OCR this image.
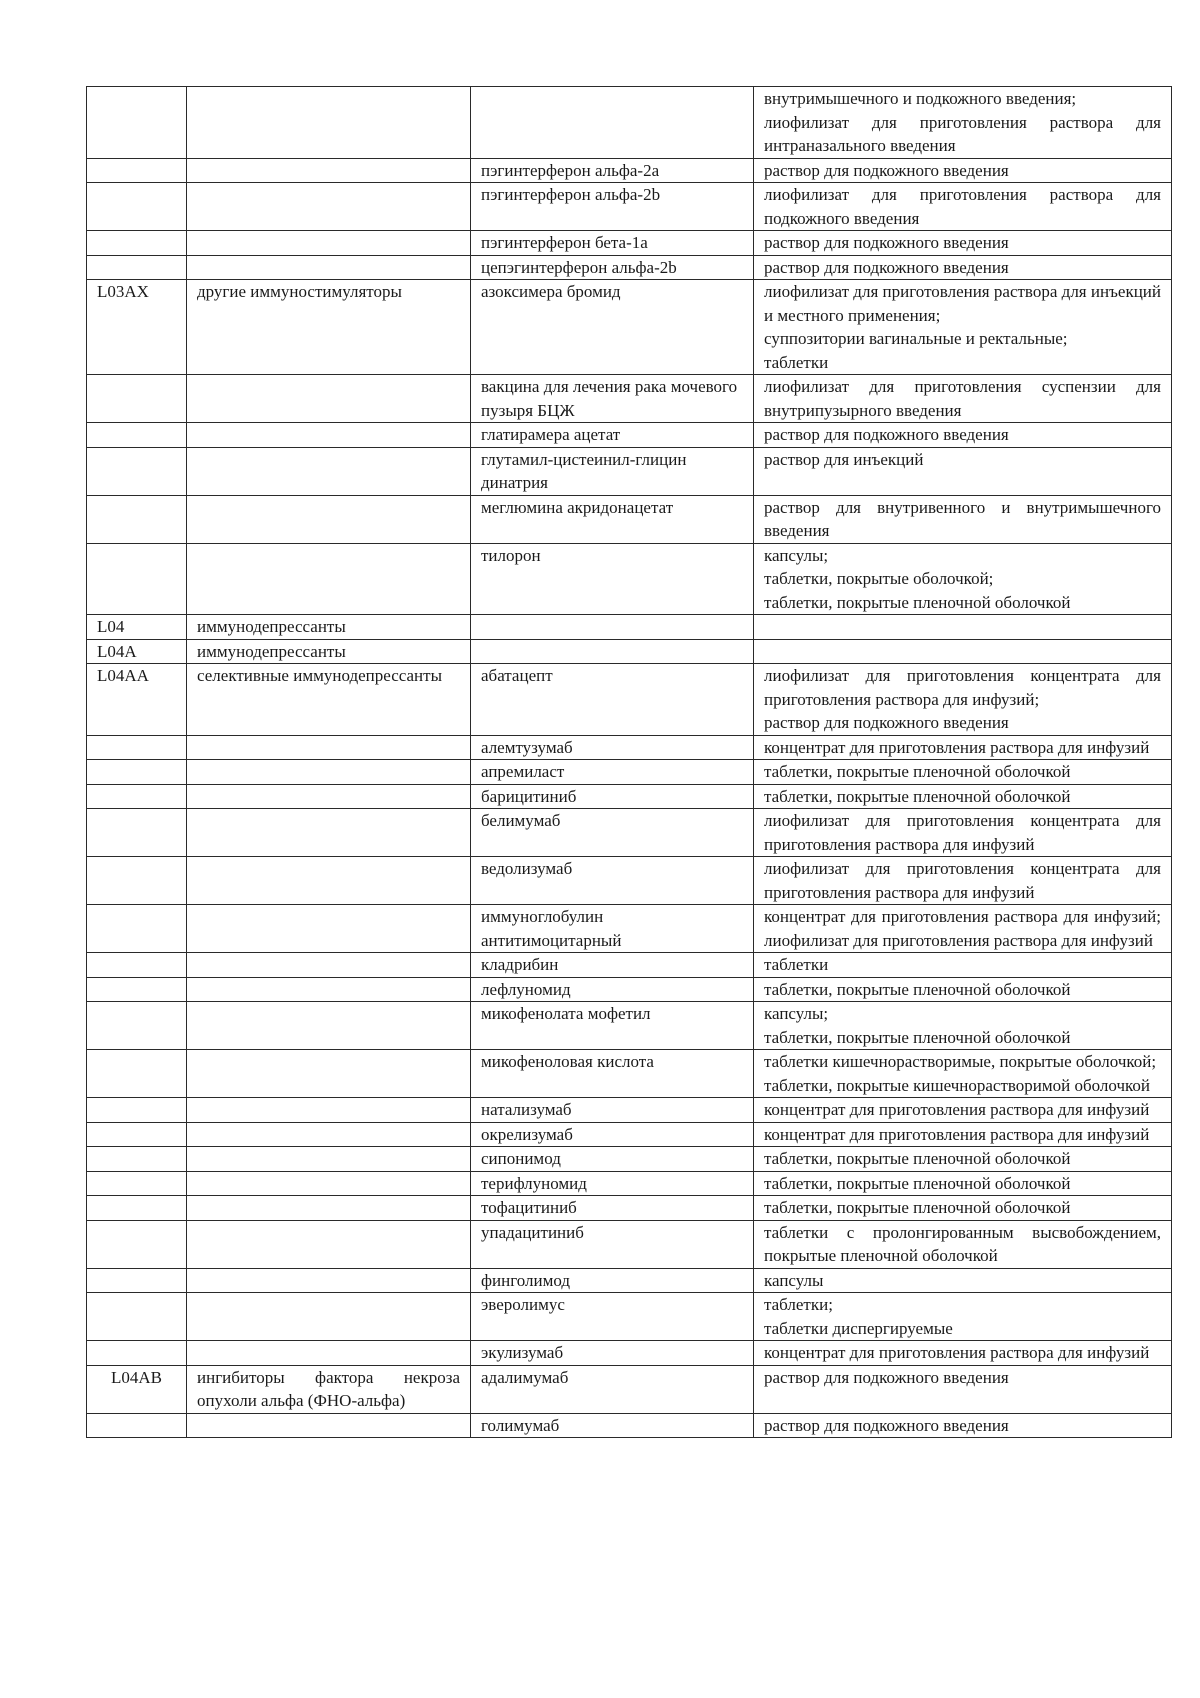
			внутримышечного и подкожного введения;
лиофилизат для приготовления раствора для интраназального введения

		пэгинтерферон альфа-2a	раствор для подкожного введения

		пэгинтерферон альфа-2b	лиофилизат для приготовления раствора для подкожного введения

		пэгинтерферон бета-1a	раствор для подкожного введения

		цепэгинтерферон альфа-2b	раствор для подкожного введения

L03AX	другие иммуностимуляторы	азоксимера бромид	лиофилизат для приготовления раствора для инъекций и местного применения;
суппозитории вагинальные и ректальные;
таблетки

		вакцина для лечения рака мочевого пузыря БЦЖ	лиофилизат для приготовления суспензии для внутрипузырного введения

		глатирамера ацетат	раствор для подкожного введения

		глутамил-цистеинил-глицин динатрия	раствор для инъекций

		меглюмина акридонацетат	раствор для внутривенного и внутримышечного введения

		тилорон	капсулы;
таблетки, покрытые оболочкой;
таблетки, покрытые пленочной оболочкой

L04	иммунодепрессанты		
L04A	иммунодепрессанты		
L04AA	селективные иммунодепрессанты	абатацепт	лиофилизат для приготовления концентрата для приготовления раствора для инфузий;
раствор для подкожного введения

		алемтузумаб	концентрат для приготовления раствора для инфузий

		апремиласт	таблетки, покрытые пленочной оболочкой

		барицитиниб	таблетки, покрытые пленочной оболочкой

		белимумаб	лиофилизат для приготовления концентрата для приготовления раствора для инфузий

		ведолизумаб	лиофилизат для приготовления концентрата для приготовления раствора для инфузий

		иммуноглобулин антитимоцитарный	концентрат для приготовления раствора для инфузий; лиофилизат для приготовления раствора для инфузий

		кладрибин	таблетки

		лефлуномид	таблетки, покрытые пленочной оболочкой

		микофенолата мофетил	капсулы;
таблетки, покрытые пленочной оболочкой

		микофеноловая кислота	таблетки кишечнорастворимые, покрытые оболочкой;
таблетки, покрытые кишечнорастворимой оболочкой

		натализумаб	концентрат для приготовления раствора для инфузий

		окрелизумаб	концентрат для приготовления раствора для инфузий

		сипонимод	таблетки, покрытые пленочной оболочкой

		терифлуномид	таблетки, покрытые пленочной оболочкой

		тофацитиниб	таблетки, покрытые пленочной оболочкой

		упадацитиниб	таблетки с пролонгированным высвобождением, покрытые пленочной оболочкой

		финголимод	капсулы

		эверолимус	таблетки;
таблетки диспергируемые

		экулизумаб	концентрат для приготовления раствора для инфузий

L04AB	ингибиторы фактора некроза опухоли альфа (ФНО-альфа)	адалимумаб	раствор для подкожного введения

		голимумаб	раствор для подкожного введения
